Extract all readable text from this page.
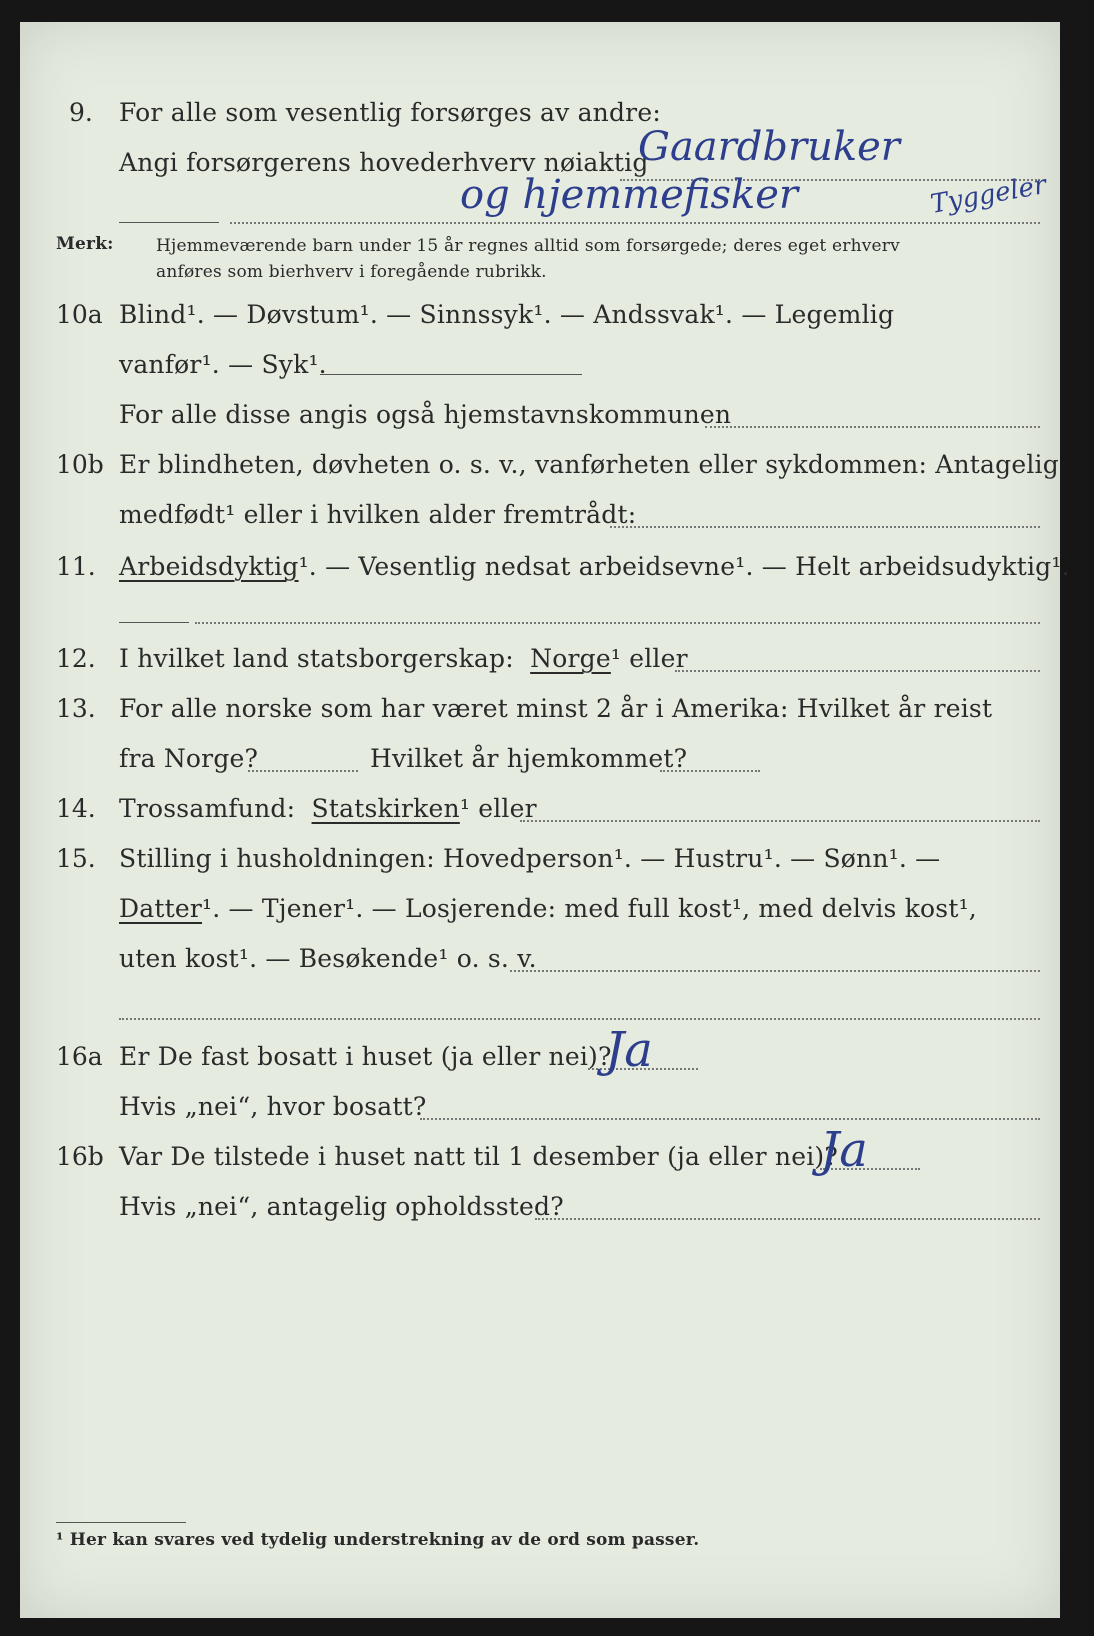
9. For alle som vesentlig forsørges av andre:
Angi forsørgerens hovederhverv nøiaktig
Gaardbruker
og hjemmefisker	Tyggeler
Merk: Hjemmeværende barn under 15 år regnes alltid som forsørgede; deres eget erhverv
anføres som bierhverv i foregående rubrikk.
10a Blind¹. — Døvstum¹. — Sinnssyk¹. — Andssvak¹. — Legemlig
vanfør¹. — Syk¹.
For alle disse angis også hjemstavnskommunen
10b Er blindheten, døvheten o. s. v., vanførheten eller sykdommen: Antagelig
medfødt¹ eller i hvilken alder fremtrådt:
11. Arbeidsdyktig¹. — Vesentlig nedsat arbeidsevne¹. — Helt arbeidsudyktig¹.
12. I hvilket land statsborgerskap: Norge¹ eller
13. For alle norske som har været minst 2 år i Amerika: Hvilket år reist
fra Norge?	Hvilket år hjemkommet?
14. Trossamfund: Statskirken¹ eller
15. Stilling i husholdningen: Hovedperson¹. — Hustru¹. — Sønn¹. —
Datter¹. — Tjener¹. — Losjerende: med full kost¹, med delvis kost¹,
uten kost¹. — Besøkende¹ o. s. v.
16a Er De fast bosatt i huset (ja eller nei)?
Ja
Hvis „nei“, hvor bosatt?
16b Var De tilstede i huset natt til 1 desember (ja eller nei)?
Ja
Hvis „nei“, antagelig opholdssted?
¹ Her kan svares ved tydelig understrekning av de ord som passer.
